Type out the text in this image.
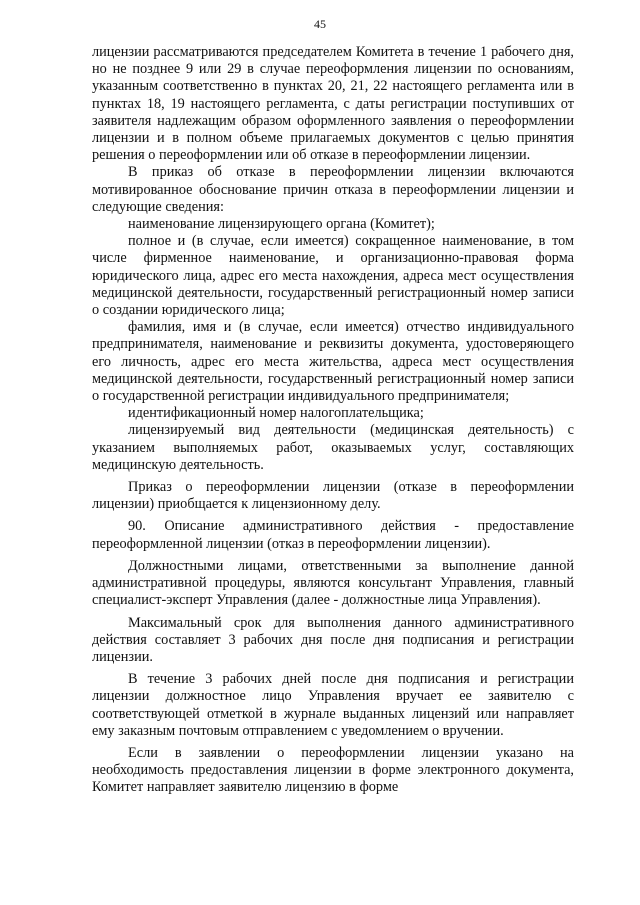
45

лицензии рассматриваются председателем Комитета в течение 1 рабочего дня, но не позднее 9 или 29 в случае переоформления лицензии по основаниям, указанным соответственно в пунктах 20, 21, 22 настоящего регламента или в пунктах 18, 19 настоящего регламента, с даты регистрации поступивших от заявителя надлежащим образом оформленного заявления о переоформлении лицензии и в полном объеме прилагаемых документов с целью принятия решения о переоформлении или об отказе в переоформлении лицензии.

В приказ об отказе в переоформлении лицензии включаются мотивированное обоснование причин отказа в переоформлении лицензии и следующие сведения:

наименование лицензирующего органа (Комитет);

полное и (в случае, если имеется) сокращенное наименование, в том числе фирменное наименование, и организационно-правовая форма юридического лица, адрес его места нахождения, адреса мест осуществления медицинской деятельности, государственный регистрационный номер записи о создании юридического лица;

фамилия, имя и (в случае, если имеется) отчество индивидуального предпринимателя, наименование и реквизиты документа, удостоверяющего его личность, адрес его места жительства, адреса мест осуществления медицинской деятельности, государственный регистрационный номер записи о государственной регистрации индивидуального предпринимателя;

идентификационный номер налогоплательщика;

лицензируемый вид деятельности (медицинская деятельность) с указанием выполняемых работ, оказываемых услуг, составляющих медицинскую деятельность.

Приказ о переоформлении лицензии (отказе в переоформлении лицензии) приобщается к лицензионному делу.

90. Описание административного действия - предоставление переоформленной лицензии (отказ в переоформлении лицензии).

Должностными лицами, ответственными за выполнение данной административной процедуры, являются консультант Управления, главный специалист-эксперт Управления (далее - должностные лица Управления).

Максимальный срок для выполнения данного административного действия составляет 3 рабочих дня после дня подписания и регистрации лицензии.

В течение 3 рабочих дней после дня подписания и регистрации лицензии должностное лицо Управления вручает ее заявителю с соответствующей отметкой в журнале выданных лицензий или направляет ему заказным почтовым отправлением с уведомлением о вручении.

Если в заявлении о переоформлении лицензии указано на необходимость предоставления лицензии в форме электронного документа, Комитет направляет заявителю лицензию в форме
